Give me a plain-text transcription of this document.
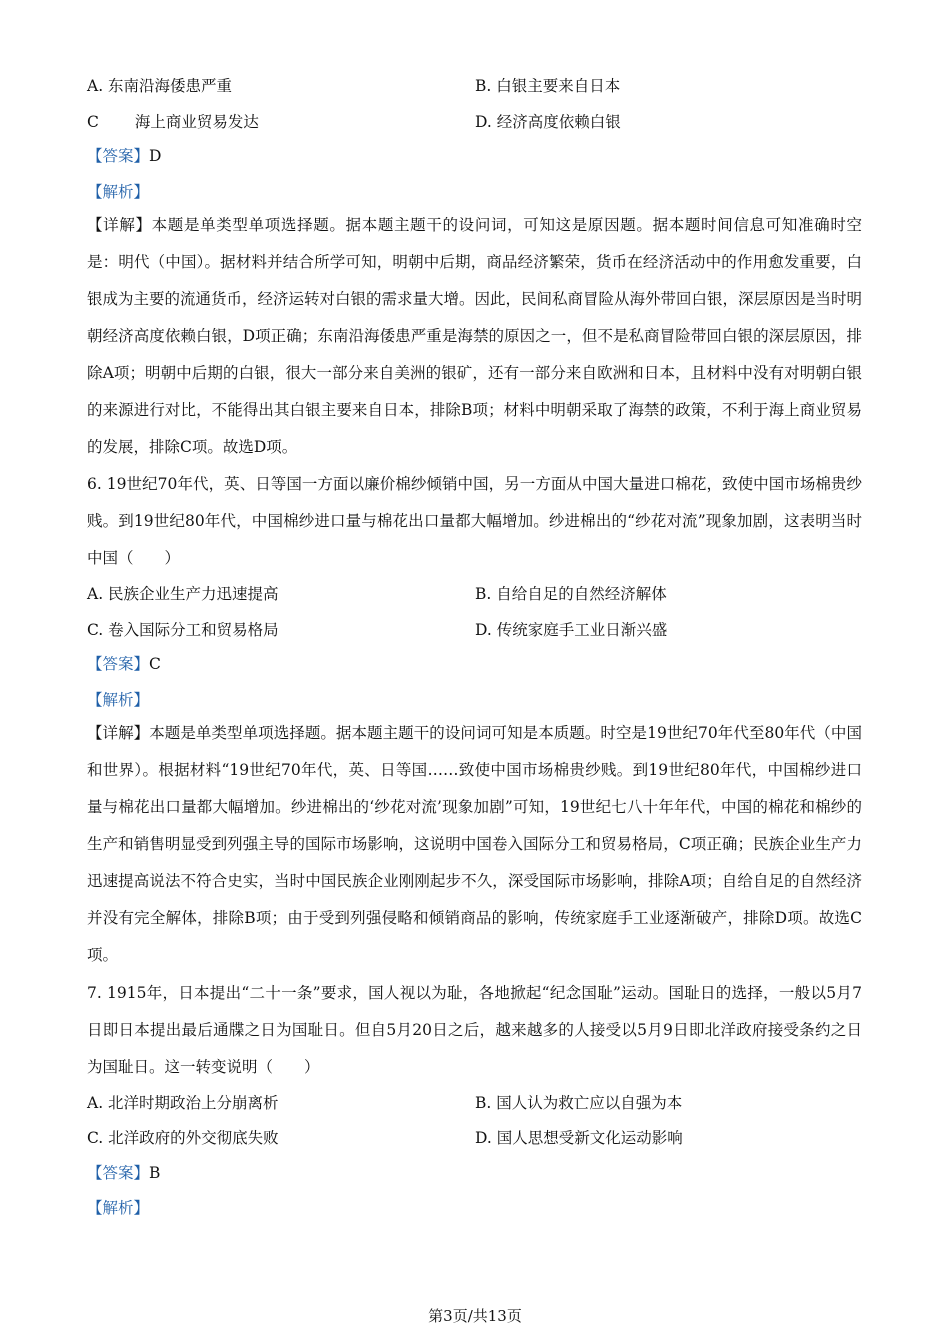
A. 东南沿海倭患严重	B. 白银主要来自日本
C 海上商业贸易发达	D. 经济高度依赖白银
【答案】D
【解析】
【详解】本题是单类型单项选择题。据本题主题干的设问词，可知这是原因题。据本题时间信息可知准确时空是：明代（中国）。据材料并结合所学可知，明朝中后期，商品经济繁荣，货币在经济活动中的作用愈发重要，白银成为主要的流通货币，经济运转对白银的需求量大增。因此，民间私商冒险从海外带回白银，深层原因是当时明朝经济高度依赖白银，D项正确；东南沿海倭患严重是海禁的原因之一，但不是私商冒险带回白银的深层原因，排除A项；明朝中后期的白银，很大一部分来自美洲的银矿，还有一部分来自欧洲和日本，且材料中没有对明朝白银的来源进行对比，不能得出其白银主要来自日本，排除B项；材料中明朝采取了海禁的政策，不利于海上商业贸易的发展，排除C项。故选D项。
6. 19世纪70年代，英、日等国一方面以廉价棉纱倾销中国，另一方面从中国大量进口棉花，致使中国市场棉贵纱贱。到19世纪80年代，中国棉纱进口量与棉花出口量都大幅增加。纱进棉出的“纱花对流”现象加剧，这表明当时中国（　　）
A. 民族企业生产力迅速提高	B. 自给自足的自然经济解体
C. 卷入国际分工和贸易格局	D. 传统家庭手工业日渐兴盛
【答案】C
【解析】
【详解】本题是单类型单项选择题。据本题主题干的设问词可知是本质题。时空是19世纪70年代至80年代（中国和世界）。根据材料“19世纪70年代，英、日等国……致使中国市场棉贵纱贱。到19世纪80年代，中国棉纱进口量与棉花出口量都大幅增加。纱进棉出的‘纱花对流’现象加剧”可知，19世纪七八十年年代，中国的棉花和棉纱的生产和销售明显受到列强主导的国际市场影响，这说明中国卷入国际分工和贸易格局，C项正确；民族企业生产力迅速提高说法不符合史实，当时中国民族企业刚刚起步不久，深受国际市场影响，排除A项；自给自足的自然经济并没有完全解体，排除B项；由于受到列强侵略和倾销商品的影响，传统家庭手工业逐渐破产，排除D项。故选C项。
7. 1915年，日本提出“二十一条”要求，国人视以为耻，各地掀起“纪念国耻”运动。国耻日的选择，一般以5月7日即日本提出最后通牒之日为国耻日。但自5月20日之后，越来越多的人接受以5月9日即北洋政府接受条约之日为国耻日。这一转变说明（　　）
A. 北洋时期政治上分崩离析	B. 国人认为救亡应以自强为本
C. 北洋政府的外交彻底失败	D. 国人思想受新文化运动影响
【答案】B
【解析】
第3页/共13页
